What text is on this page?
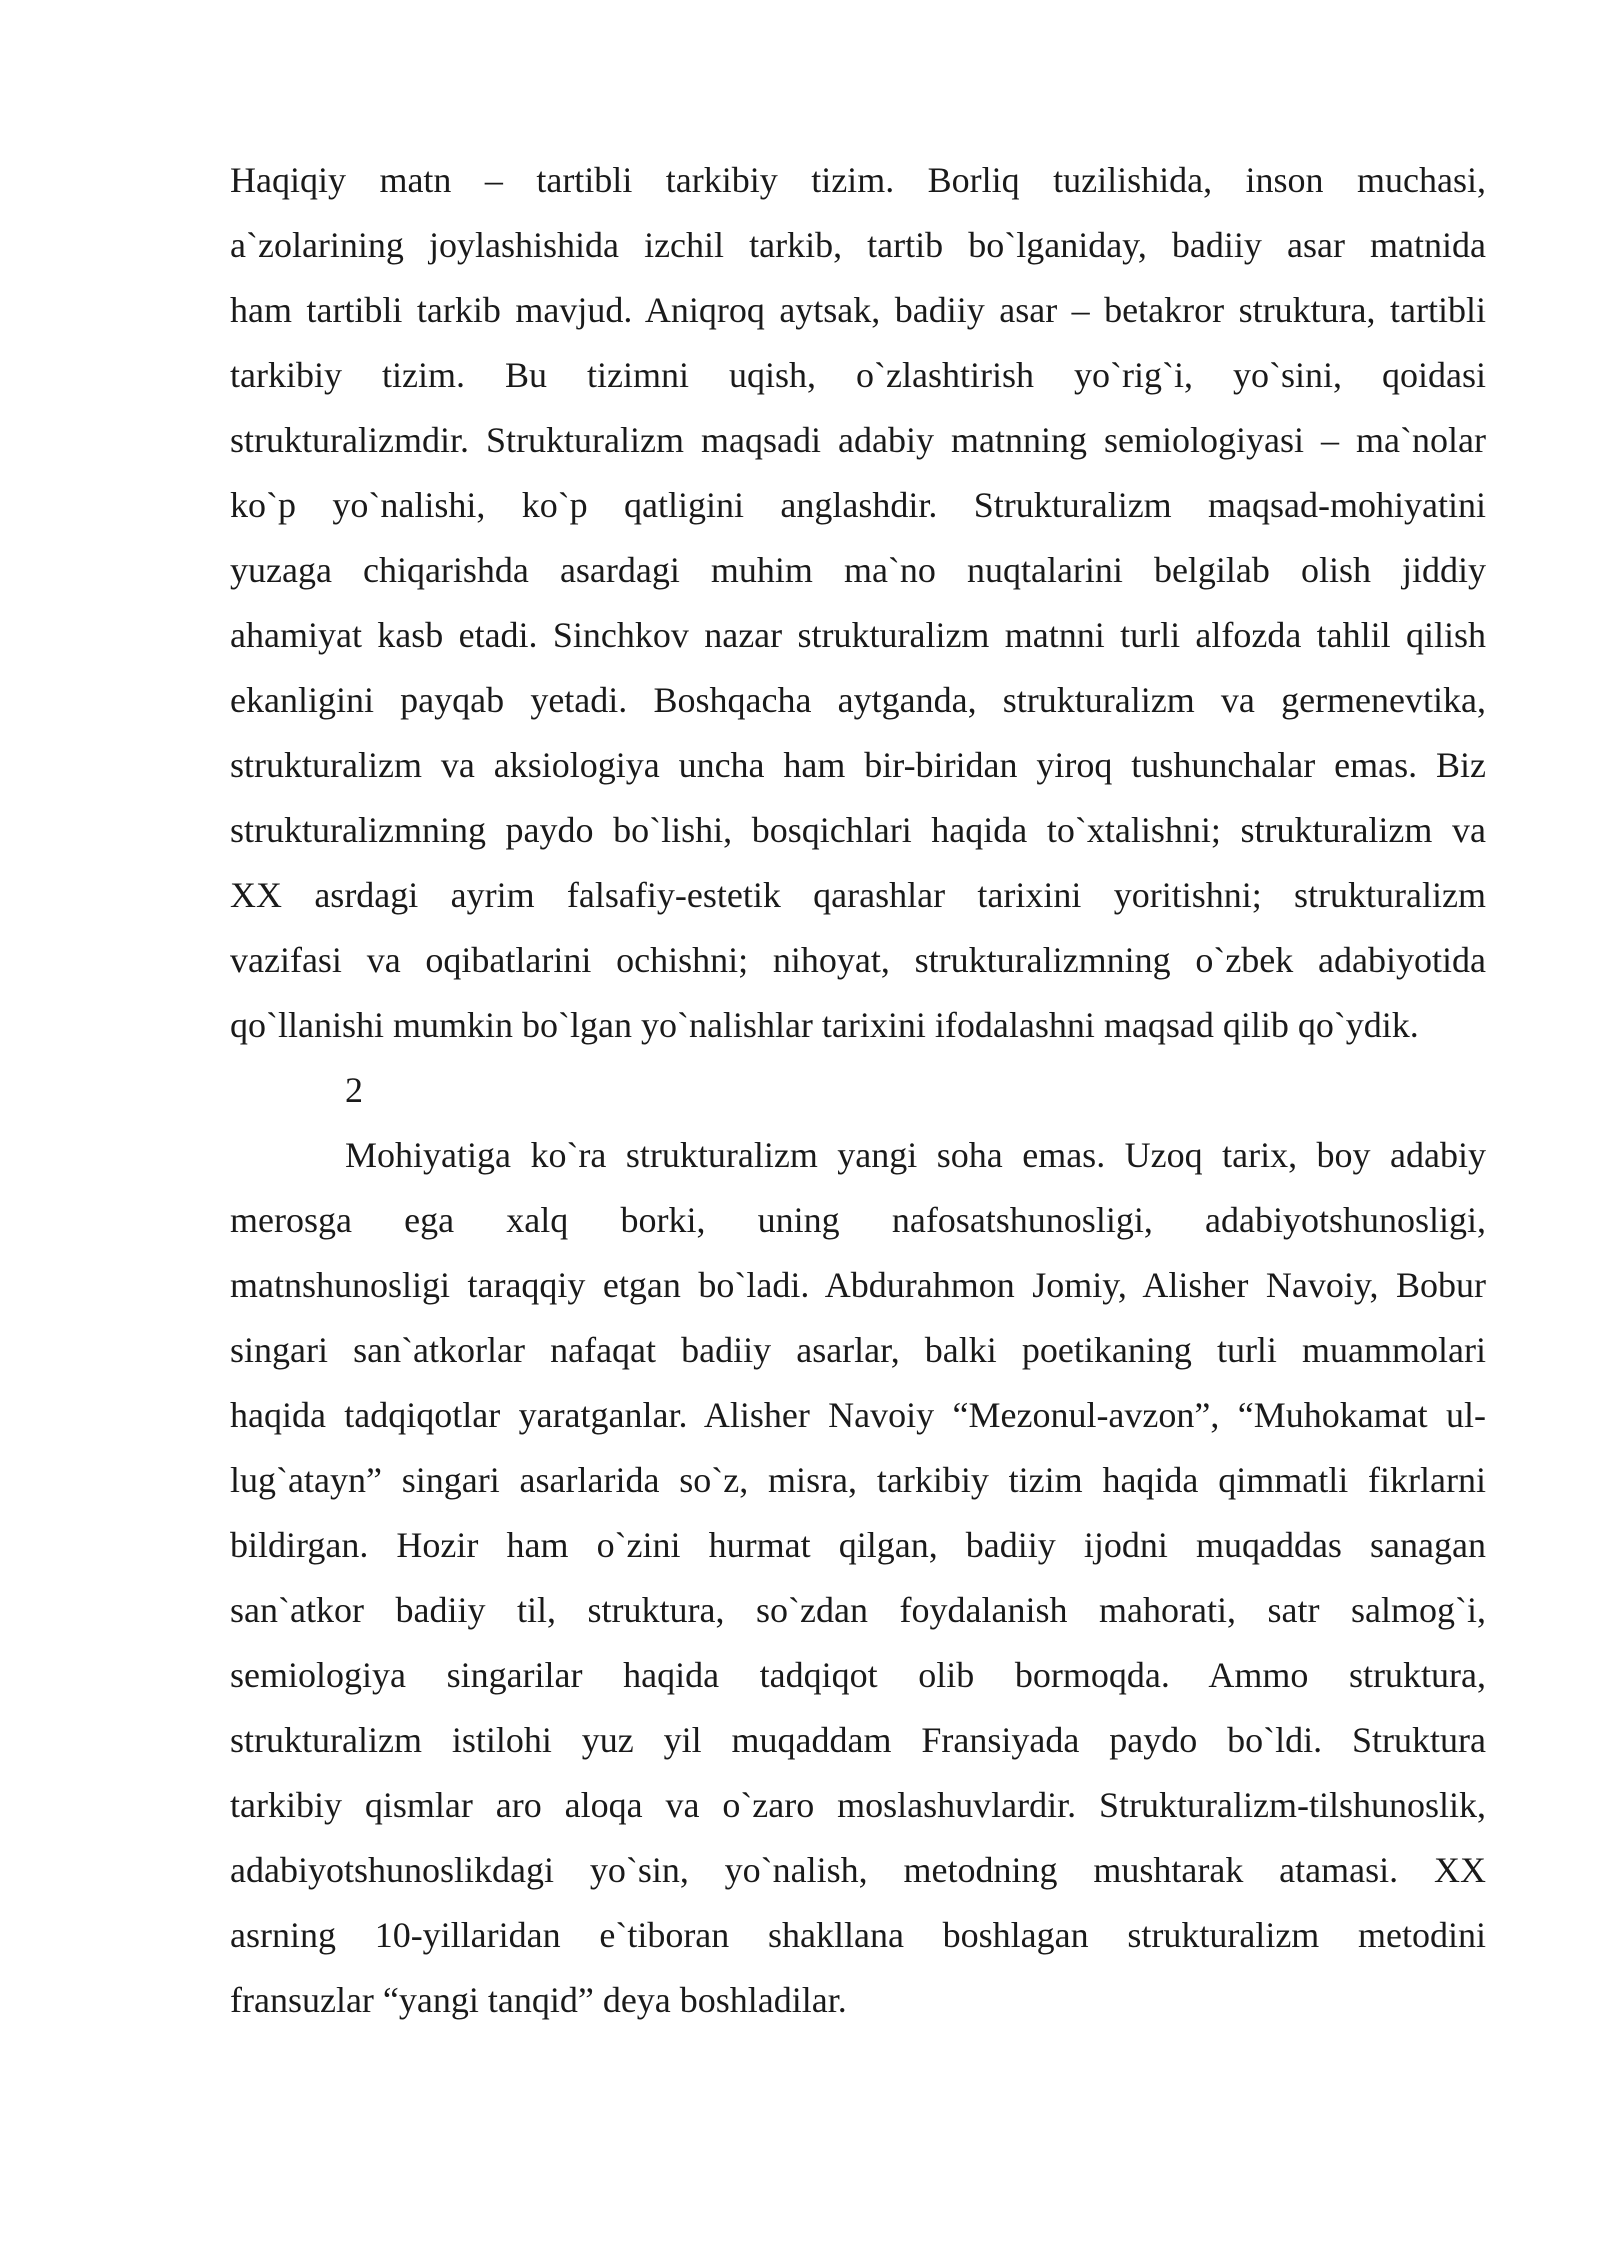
Haqiqiy matn – tartibli tarkibiy tizim. Borliq tuzilishida, inson muchasi,
a`zolarining joylashishida izchil tarkib, tartib bo`lganiday, badiiy asar matnida
ham tartibli tarkib mavjud. Aniqroq aytsak, badiiy asar – betakror struktura, tartibli
tarkibiy tizim. Bu tizimni uqish, o`zlashtirish yo`rig`i, yo`sini, qoidasi
strukturalizmdir. Strukturalizm maqsadi adabiy matnning semiologiyasi – ma`nolar
ko`p yo`nalishi, ko`p qatligini anglashdir. Strukturalizm maqsad-mohiyatini
yuzaga chiqarishda asardagi muhim ma`no nuqtalarini belgilab olish jiddiy
ahamiyat kasb etadi. Sinchkov nazar strukturalizm matnni turli alfozda tahlil qilish
ekanligini payqab yetadi. Boshqacha aytganda, strukturalizm va germenevtika,
strukturalizm va aksiologiya uncha ham bir-biridan yiroq tushunchalar emas. Biz
strukturalizmning paydo bo`lishi, bosqichlari haqida to`xtalishni; strukturalizm va
XX asrdagi ayrim falsafiy-estetik qarashlar tarixini yoritishni; strukturalizm
vazifasi va oqibatlarini ochishni; nihoyat, strukturalizmning o`zbek adabiyotida
qo`llanishi mumkin bo`lgan yo`nalishlar tarixini ifodalashni maqsad qilib qo`ydik.
2
Mohiyatiga ko`ra strukturalizm yangi soha emas. Uzoq tarix, boy adabiy
merosga ega xalq borki, uning nafosatshunosligi, adabiyotshunosligi,
matnshunosligi taraqqiy etgan bo`ladi. Abdurahmon Jomiy, Alisher Navoiy, Bobur
singari san`atkorlar nafaqat badiiy asarlar, balki poetikaning turli muammolari
haqida tadqiqotlar yaratganlar. Alisher Navoiy “Mezonul-avzon”, “Muhokamat ul-
lug`atayn” singari asarlarida so`z, misra, tarkibiy tizim haqida qimmatli fikrlarni
bildirgan. Hozir ham o`zini hurmat qilgan, badiiy ijodni muqaddas sanagan
san`atkor badiiy til, struktura, so`zdan foydalanish mahorati, satr salmog`i,
semiologiya singarilar haqida tadqiqot olib bormoqda. Ammo struktura,
strukturalizm istilohi yuz yil muqaddam Fransiyada paydo bo`ldi. Struktura
tarkibiy qismlar aro aloqa va o`zaro moslashuvlardir. Strukturalizm-tilshunoslik,
adabiyotshunoslikdagi yo`sin, yo`nalish, metodning mushtarak atamasi. XX
asrning 10-yillaridan e`tiboran shakllana boshlagan strukturalizm metodini
fransuzlar “yangi tanqid” deya boshladilar.
